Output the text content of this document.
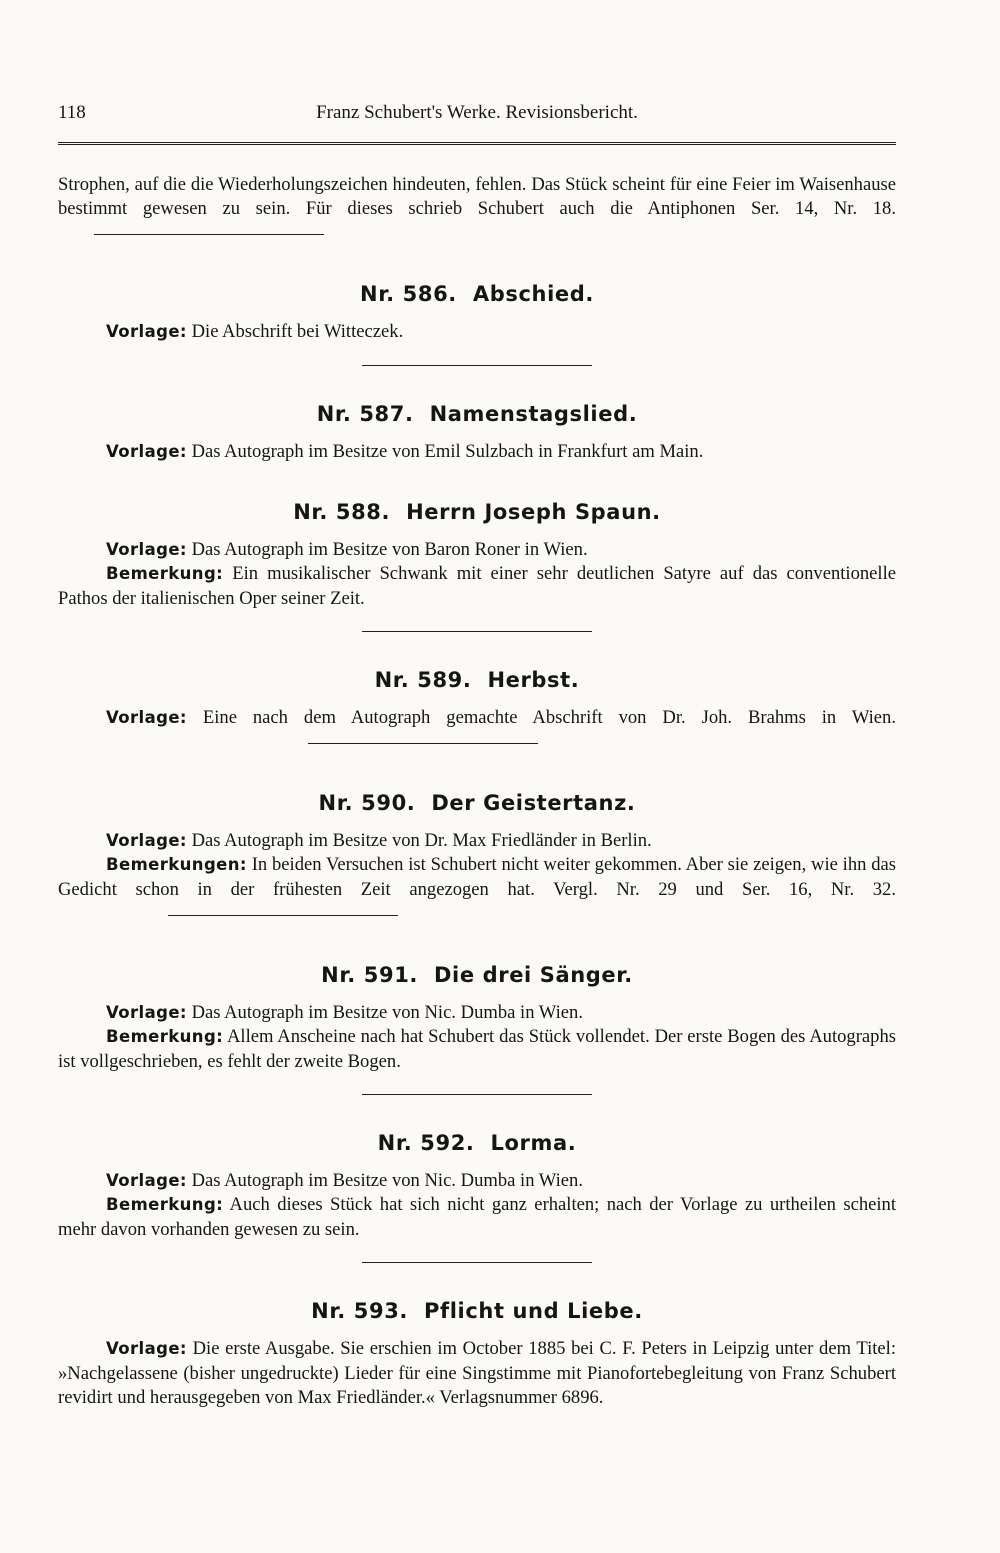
118	Franz Schubert's Werke. Revisionsbericht.

Strophen, auf die die Wiederholungszeichen hindeuten, fehlen. Das Stück scheint für eine Feier im Waisenhause bestimmt gewesen zu sein. Für dieses schrieb Schubert auch die Antiphonen Ser. 14, Nr. 18.

Nr. 586. Abschied.

Vorlage: Die Abschrift bei Witteczek.

Nr. 587. Namenstagslied.

Vorlage: Das Autograph im Besitze von Emil Sulzbach in Frankfurt am Main.

Nr. 588. Herrn Joseph Spaun.

Vorlage: Das Autograph im Besitze von Baron Roner in Wien.

Bemerkung: Ein musikalischer Schwank mit einer sehr deutlichen Satyre auf das conventionelle Pathos der italienischen Oper seiner Zeit.

Nr. 589. Herbst.

Vorlage: Eine nach dem Autograph gemachte Abschrift von Dr. Joh. Brahms in Wien.

Nr. 590. Der Geistertanz.

Vorlage: Das Autograph im Besitze von Dr. Max Friedländer in Berlin.

Bemerkungen: In beiden Versuchen ist Schubert nicht weiter gekommen. Aber sie zeigen, wie ihn das Gedicht schon in der frühesten Zeit angezogen hat. Vergl. Nr. 29 und Ser. 16, Nr. 32.

Nr. 591. Die drei Sänger.

Vorlage: Das Autograph im Besitze von Nic. Dumba in Wien.

Bemerkung: Allem Anscheine nach hat Schubert das Stück vollendet. Der erste Bogen des Autographs ist vollgeschrieben, es fehlt der zweite Bogen.

Nr. 592. Lorma.

Vorlage: Das Autograph im Besitze von Nic. Dumba in Wien.

Bemerkung: Auch dieses Stück hat sich nicht ganz erhalten; nach der Vorlage zu urtheilen scheint mehr davon vorhanden gewesen zu sein.

Nr. 593. Pflicht und Liebe.

Vorlage: Die erste Ausgabe. Sie erschien im October 1885 bei C. F. Peters in Leipzig unter dem Titel: »Nachgelassene (bisher ungedruckte) Lieder für eine Singstimme mit Pianofortebegleitung von Franz Schubert revidirt und herausgegeben von Max Friedländer.« Verlagsnummer 6896.
